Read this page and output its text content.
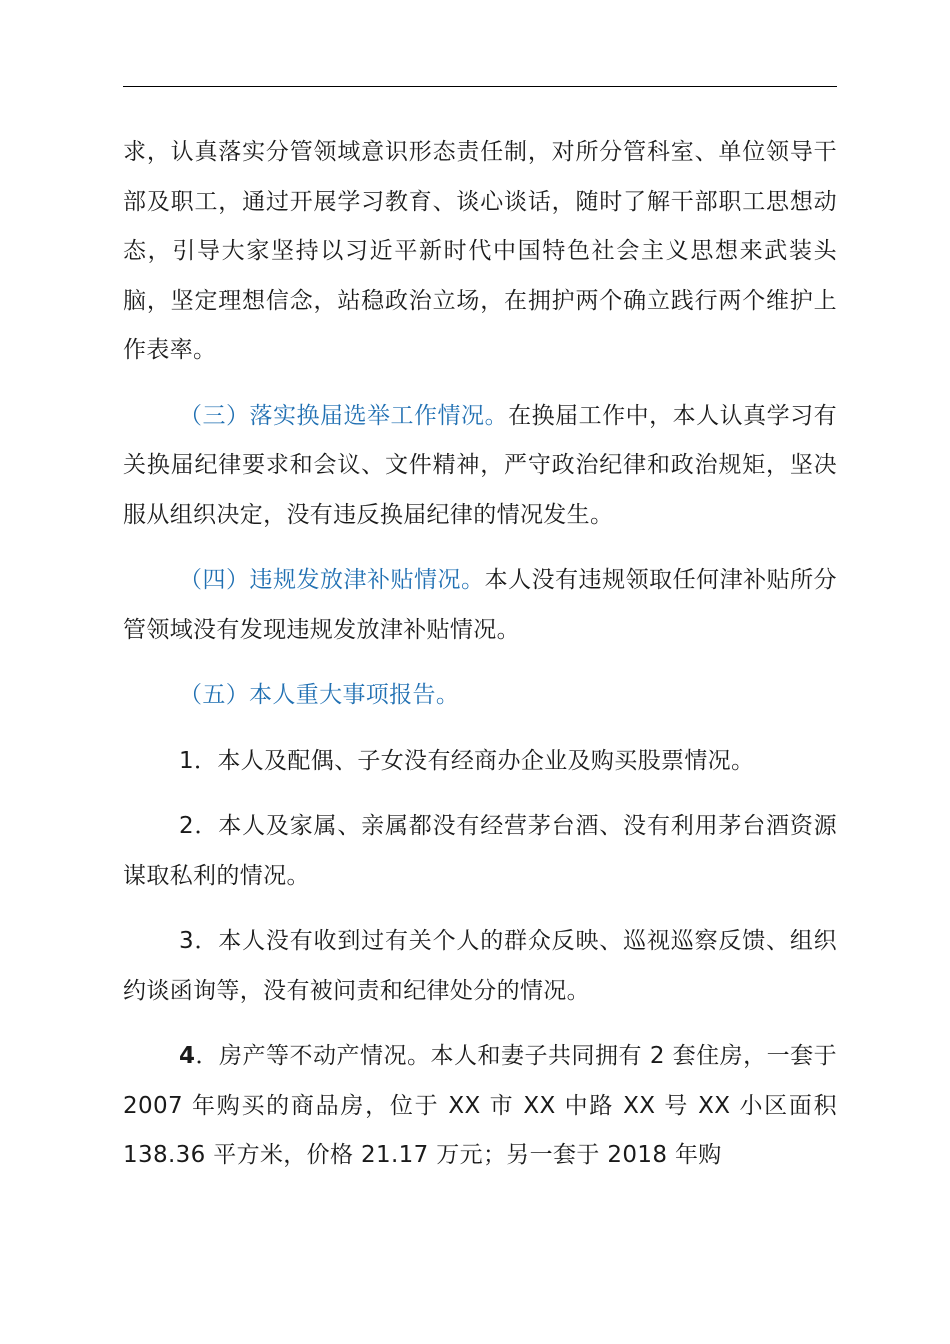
求，认真落实分管领域意识形态责任制，对所分管科室、单位领导干部及职工，通过开展学习教育、谈心谈话，随时了解干部职工思想动态，引导大家坚持以习近平新时代中国特色社会主义思想来武装头脑，坚定理想信念，站稳政治立场，在拥护两个确立践行两个维护上作表率。

（三）落实换届选举工作情况。在换届工作中，本人认真学习有关换届纪律要求和会议、文件精神，严守政治纪律和政治规矩，坚决服从组织决定，没有违反换届纪律的情况发生。

（四）违规发放津补贴情况。本人没有违规领取任何津补贴所分管领域没有发现违规发放津补贴情况。

（五）本人重大事项报告。

1．本人及配偶、子女没有经商办企业及购买股票情况。

2．本人及家属、亲属都没有经营茅台酒、没有利用茅台酒资源谋取私利的情况。

3．本人没有收到过有关个人的群众反映、巡视巡察反馈、组织约谈函询等，没有被问责和纪律处分的情况。

4．房产等不动产情况。本人和妻子共同拥有 2 套住房，一套于 2007 年购买的商品房，位于 XX 市 XX 中路 XX 号 XX 小区面积 138.36 平方米，价格 21.17 万元；另一套于 2018 年购
